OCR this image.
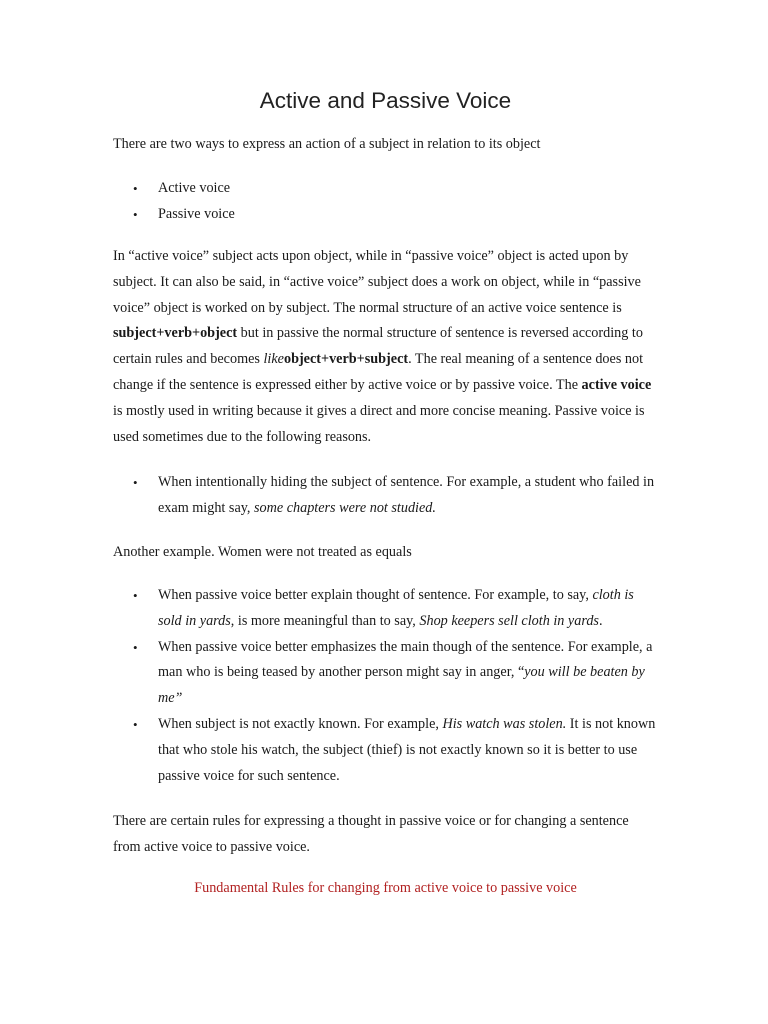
Active and Passive Voice

There are two ways to express an action of a subject in relation to its object

• Active voice
• Passive voice

In “active voice” subject acts upon object, while in “passive voice” object is acted upon by subject. It can also be said, in “active voice” subject does a work on object, while in “passive voice” object is worked on by subject. The normal structure of an active voice sentence is subject+verb+object but in passive the normal structure of sentence is reversed according to certain rules and becomes likeobject+verb+subject. The real meaning of a sentence does not change if the sentence is expressed either by active voice or by passive voice. The active voice is mostly used in writing because it gives a direct and more concise meaning. Passive voice is used sometimes due to the following reasons.

• When intentionally hiding the subject of sentence. For example, a student who failed in exam might say, some chapters were not studied.

Another example. Women were not treated as equals

• When passive voice better explain thought of sentence. For example, to say, cloth is sold in yards, is more meaningful than to say, Shop keepers sell cloth in yards.
• When passive voice better emphasizes the main though of the sentence. For example, a man who is being teased by another person might say in anger, “you will be beaten by me”
• When subject is not exactly known. For example, His watch was stolen. It is not known that who stole his watch, the subject (thief) is not exactly known so it is better to use passive voice for such sentence.

There are certain rules for expressing a thought in passive voice or for changing a sentence from active voice to passive voice.

Fundamental Rules for changing from active voice to passive voice
